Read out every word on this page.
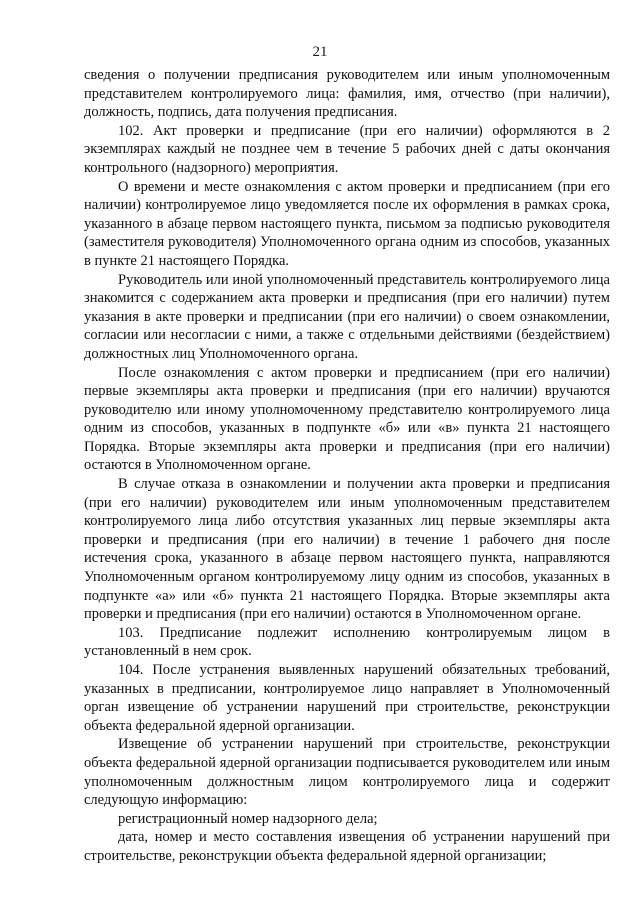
21

сведения о получении предписания руководителем или иным уполномоченным представителем контролируемого лица: фамилия, имя, отчество (при наличии), должность, подпись, дата получения предписания.

102. Акт проверки и предписание (при его наличии) оформляются в 2 экземплярах каждый не позднее чем в течение 5 рабочих дней с даты окончания контрольного (надзорного) мероприятия.

О времени и месте ознакомления с актом проверки и предписанием (при его наличии) контролируемое лицо уведомляется после их оформления в рамках срока, указанного в абзаце первом настоящего пункта, письмом за подписью руководителя (заместителя руководителя) Уполномоченного органа одним из способов, указанных в пункте 21 настоящего Порядка.

Руководитель или иной уполномоченный представитель контролируемого лица знакомится с содержанием акта проверки и предписания (при его наличии) путем указания в акте проверки и предписании (при его наличии) о своем ознакомлении, согласии или несогласии с ними, а также с отдельными действиями (бездействием) должностных лиц Уполномоченного органа.

После ознакомления с актом проверки и предписанием (при его наличии) первые экземпляры акта проверки и предписания (при его наличии) вручаются руководителю или иному уполномоченному представителю контролируемого лица одним из способов, указанных в подпункте «б» или «в» пункта 21 настоящего Порядка. Вторые экземпляры акта проверки и предписания (при его наличии) остаются в Уполномоченном органе.

В случае отказа в ознакомлении и получении акта проверки и предписания (при его наличии) руководителем или иным уполномоченным представителем контролируемого лица либо отсутствия указанных лиц первые экземпляры акта проверки и предписания (при его наличии) в течение 1 рабочего дня после истечения срока, указанного в абзаце первом настоящего пункта, направляются Уполномоченным органом контролируемому лицу одним из способов, указанных в подпункте «а» или «б» пункта 21 настоящего Порядка. Вторые экземпляры акта проверки и предписания (при его наличии) остаются в Уполномоченном органе.

103. Предписание подлежит исполнению контролируемым лицом в установленный в нем срок.

104. После устранения выявленных нарушений обязательных требований, указанных в предписании, контролируемое лицо направляет в Уполномоченный орган извещение об устранении нарушений при строительстве, реконструкции объекта федеральной ядерной организации.

Извещение об устранении нарушений при строительстве, реконструкции объекта федеральной ядерной организации подписывается руководителем или иным уполномоченным должностным лицом контролируемого лица и содержит следующую информацию:

регистрационный номер надзорного дела;

дата, номер и место составления извещения об устранении нарушений при строительстве, реконструкции объекта федеральной ядерной организации;
